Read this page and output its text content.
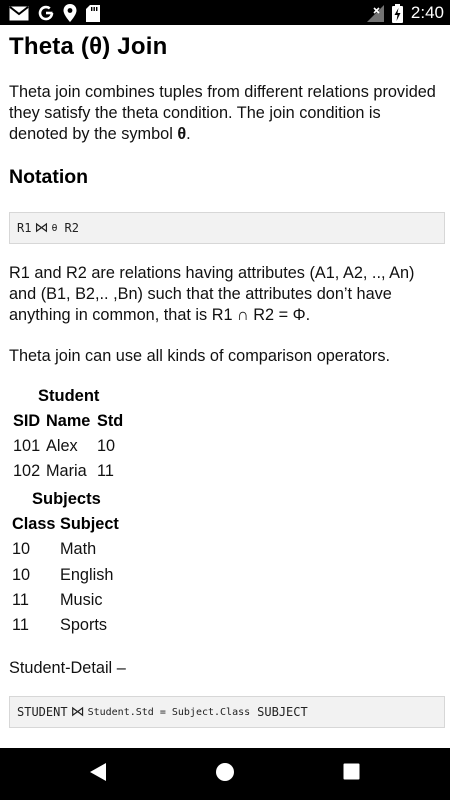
2:40
Theta (θ) Join

Theta join combines tuples from different relations provided they satisfy the theta condition. The join condition is denoted by the symbol θ.

Notation
R1 ⋈ θ R2

R1 and R2 are relations having attributes (A1, A2, .., An) and (B1, B2,.. ,Bn) such that the attributes don’t have anything in common, that is R1 ∩ R2 = Φ.

Theta join can use all kinds of comparison operators.

Student
SID Name Std
101 Alex 10
102 Maria 11
Subjects
Class Subject
10 Math
10 English
11 Music
11 Sports

Student-Detail –

STUDENT ⋈ Student.Std = Subject.Class SUBJECT
